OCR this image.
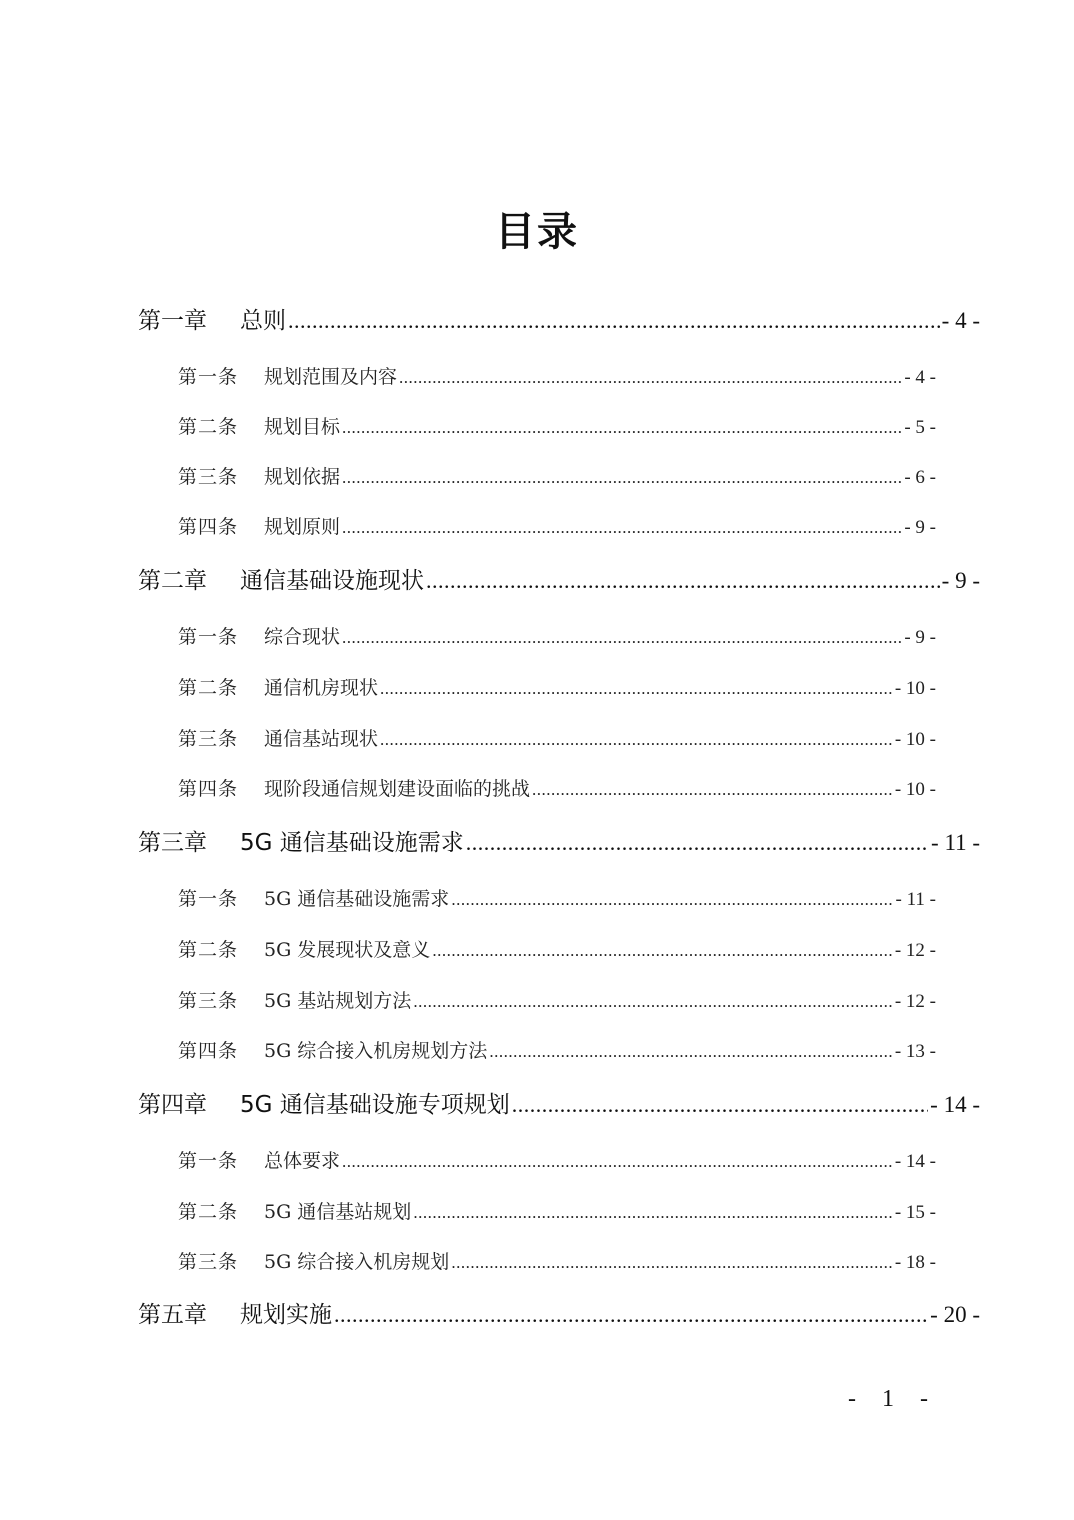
目录
第一章	总则 .....	- 4 -
第一条	规划范围及内容 .....	- 4 -
第二条	规划目标 .....	- 5 -
第三条	规划依据 .....	- 6 -
第四条	规划原则 .....	- 9 -
第二章	通信基础设施现状 .....	- 9 -
第一条	综合现状 .....	- 9 -
第二条	通信机房现状 .....	- 10 -
第三条	通信基站现状 .....	- 10 -
第四条	现阶段通信规划建设面临的挑战 .....	- 10 -
第三章	5G 通信基础设施需求 .....	- 11 -
第一条	5G 通信基础设施需求 .....	- 11 -
第二条	5G 发展现状及意义 .....	- 12 -
第三条	5G 基站规划方法 .....	- 12 -
第四条	5G 综合接入机房规划方法 .....	- 13 -
第四章	5G 通信基础设施专项规划 .....	- 14 -
第一条	总体要求 .....	- 14 -
第二条	5G 通信基站规划 .....	- 15 -
第三条	5G 综合接入机房规划 .....	- 18 -
第五章	规划实施 .....	- 20 -
- 1 -
